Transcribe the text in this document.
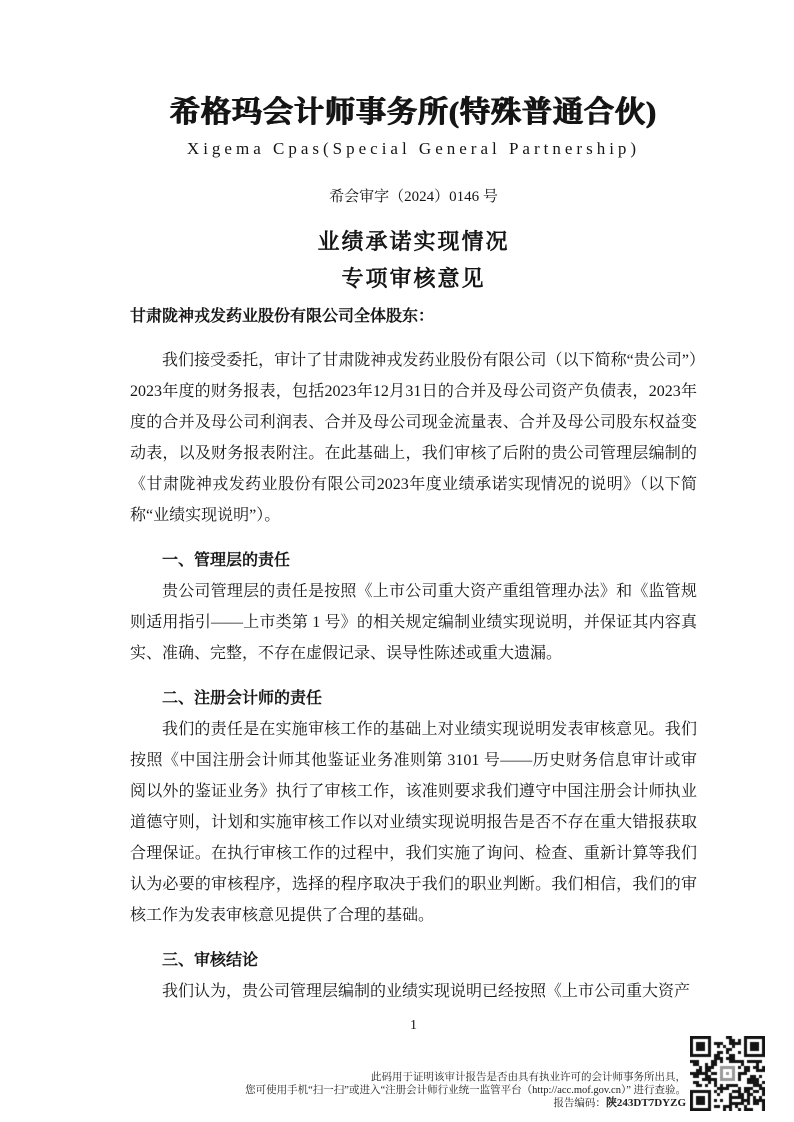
希格玛会计师事务所(特殊普通合伙)
Xigema Cpas(Special General Partnership)
希会审字（2024）0146 号
业绩承诺实现情况
专项审核意见
甘肃陇神戎发药业股份有限公司全体股东：

我们接受委托，审计了甘肃陇神戎发药业股份有限公司（以下简称“贵公司”）2023年度的财务报表，包括2023年12月31日的合并及母公司资产负债表，2023年度的合并及母公司利润表、合并及母公司现金流量表、合并及母公司股东权益变动表，以及财务报表附注。在此基础上，我们审核了后附的贵公司管理层编制的《甘肃陇神戎发药业股份有限公司2023年度业绩承诺实现情况的说明》（以下简称“业绩实现说明”）。

一、管理层的责任

贵公司管理层的责任是按照《上市公司重大资产重组管理办法》和《监管规则适用指引——上市类第 1 号》的相关规定编制业绩实现说明，并保证其内容真实、准确、完整，不存在虚假记录、误导性陈述或重大遗漏。

二、注册会计师的责任

我们的责任是在实施审核工作的基础上对业绩实现说明发表审核意见。我们按照《中国注册会计师其他鉴证业务准则第 3101 号——历史财务信息审计或审阅以外的鉴证业务》执行了审核工作，该准则要求我们遵守中国注册会计师执业道德守则，计划和实施审核工作以对业绩实现说明报告是否不存在重大错报获取合理保证。在执行审核工作的过程中，我们实施了询问、检查、重新计算等我们认为必要的审核程序，选择的程序取决于我们的职业判断。我们相信，我们的审核工作为发表审核意见提供了合理的基础。

三、审核结论

我们认为，贵公司管理层编制的业绩实现说明已经按照《上市公司重大资产

1
此码用于证明该审计报告是否由具有执业许可的会计师事务所出具，
您可使用手机“扫一扫”或进入“注册会计师行业统一监管平台（http://acc.mof.gov.cn）” 进行查验。
报告编码：陕243DT7DYZG
